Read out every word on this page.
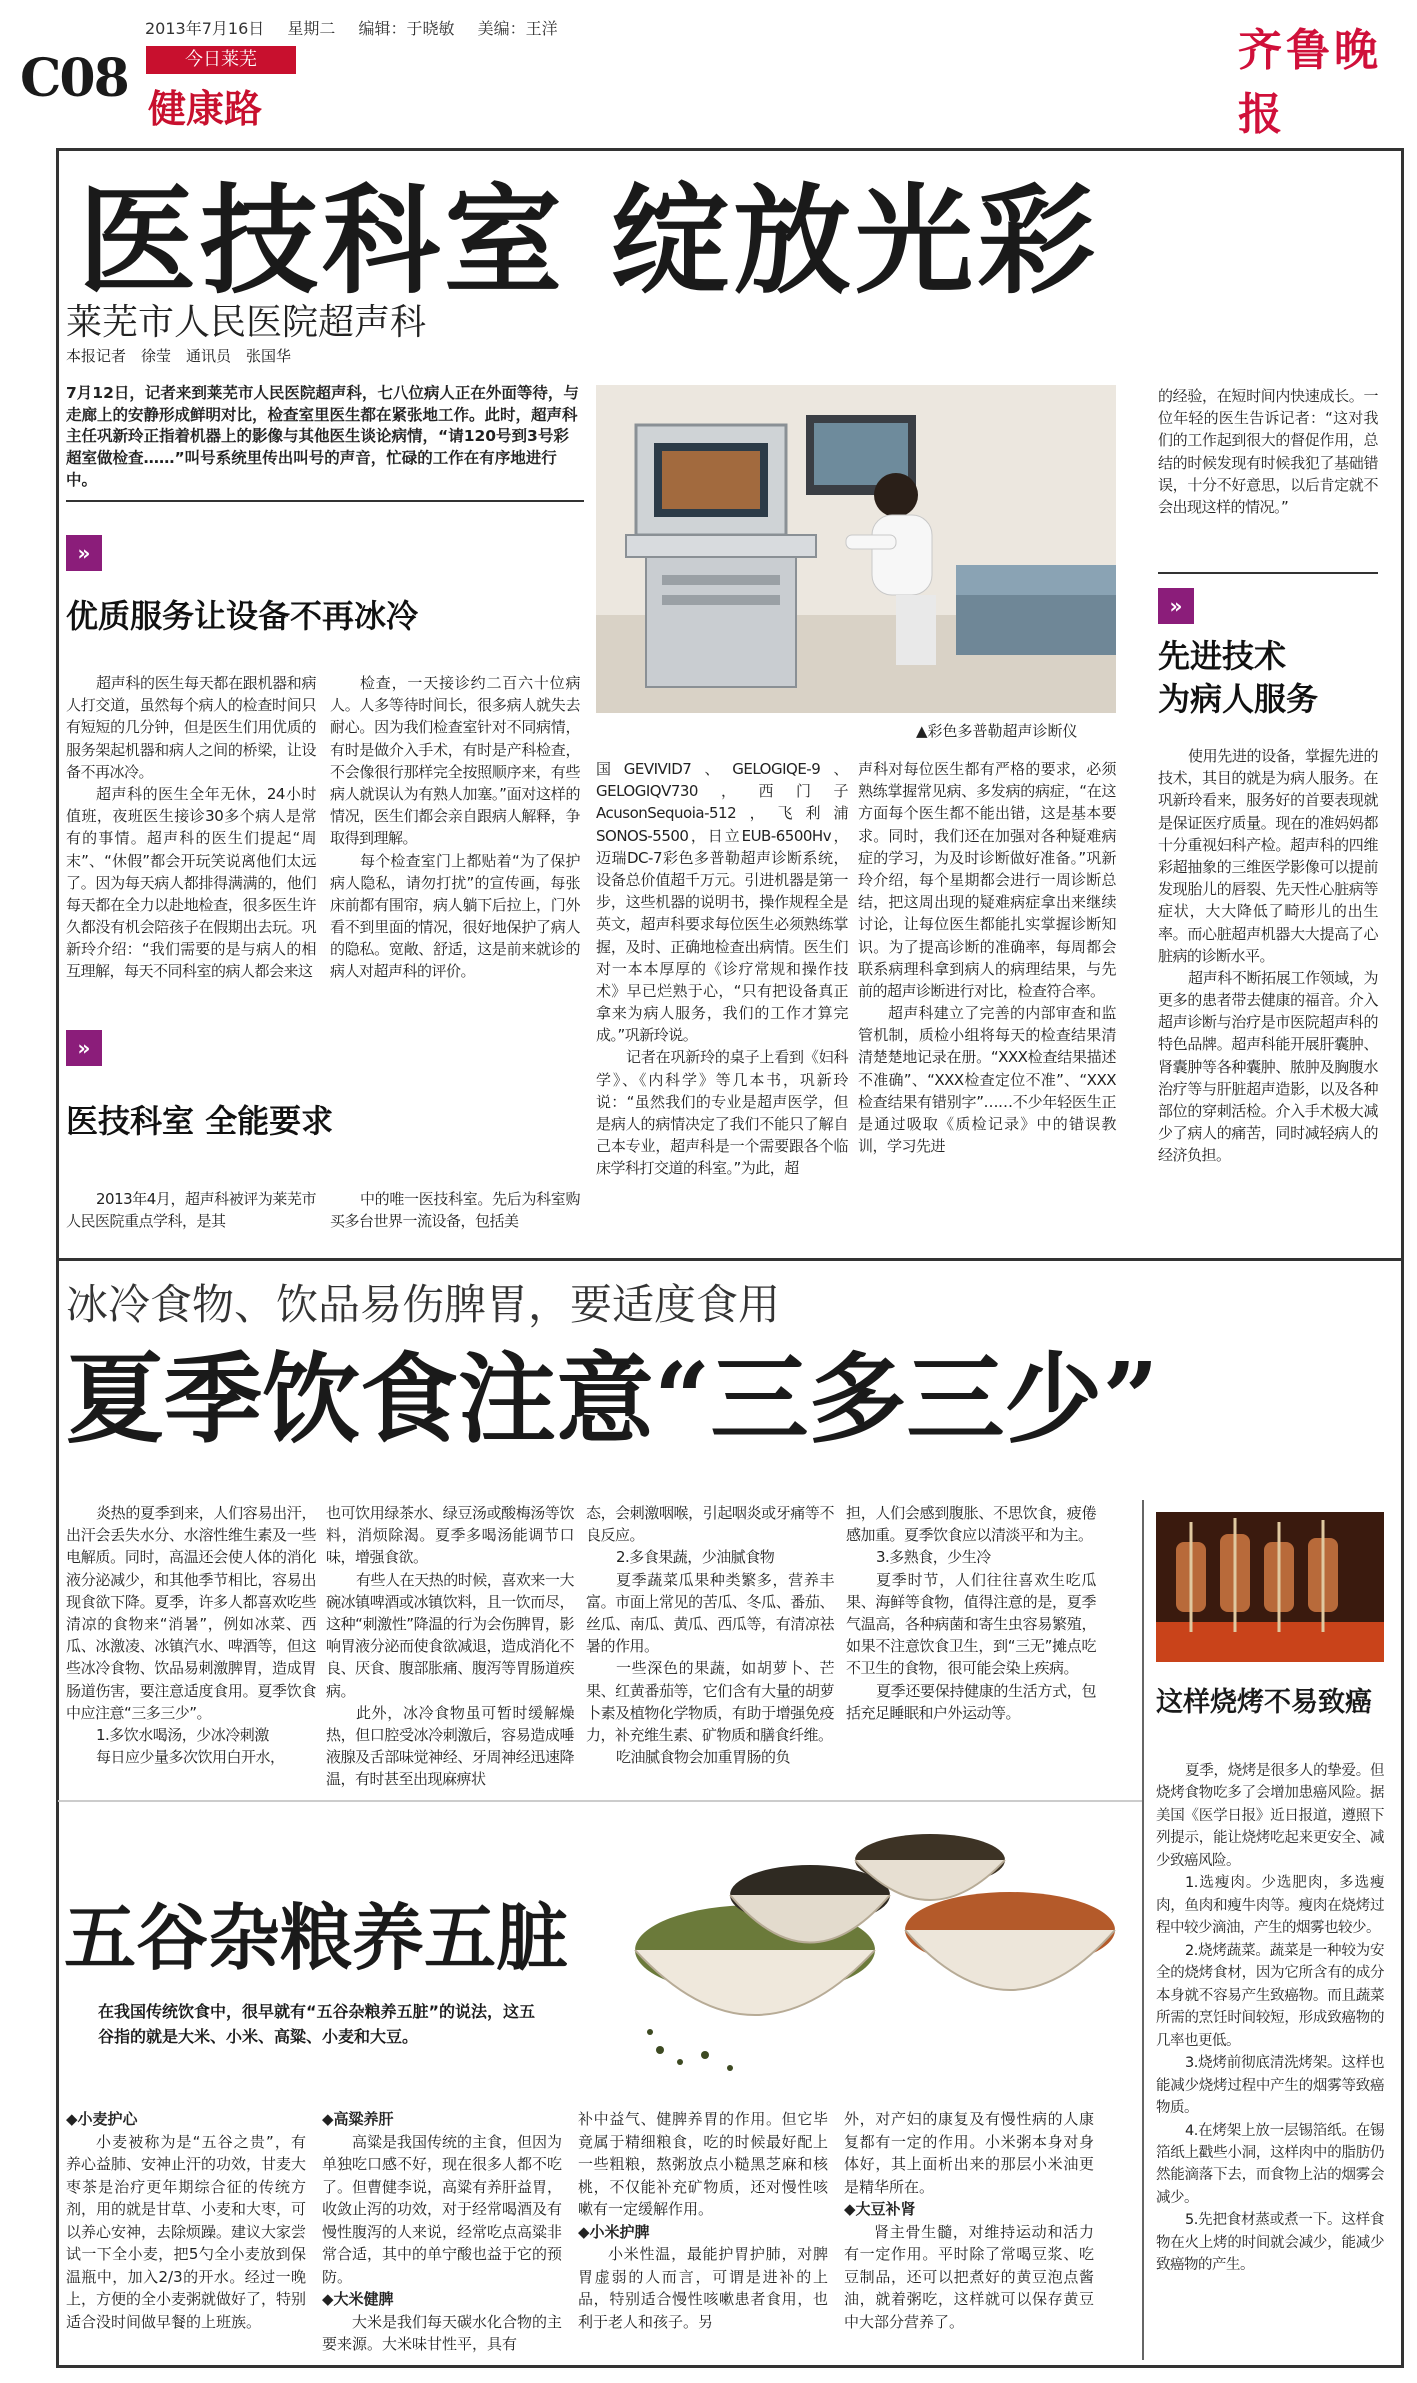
C08
2013年7月16日 星期二 编辑：于晓敏 美编：王洋
今日莱芜
健康路
齐鲁晚报
医技科室 绽放光彩
莱芜市人民医院超声科
本报记者　徐莹　通讯员　张国华
7月12日，记者来到莱芜市人民医院超声科，七八位病人正在外面等待，与走廊上的安静形成鲜明对比，检查室里医生都在紧张地工作。此时，超声科主任巩新玲正指着机器上的影像与其他医生谈论病情，“请120号到3号彩超室做检查……”叫号系统里传出叫号的声音，忙碌的工作在有序地进行中。
»
优质服务让设备不再冰冷

超声科的医生每天都在跟机器和病人打交道，虽然每个病人的检查时间只有短短的几分钟，但是医生们用优质的服务架起机器和病人之间的桥梁，让设备不再冰冷。

超声科的医生全年无休，24小时值班，夜班医生接诊30多个病人是常有的事情。超声科的医生们提起“周末”、“休假”都会开玩笑说离他们太远了。因为每天病人都排得满满的，他们每天都在全力以赴地检查，很多医生许久都没有机会陪孩子在假期出去玩。巩新玲介绍：“我们需要的是与病人的相互理解，每天不同科室的病人都会来这

检查，一天接诊约二百六十位病人。人多等待时间长，很多病人就失去耐心。因为我们检查室针对不同病情，有时是做介入手术，有时是产科检查，不会像很行那样完全按照顺序来，有些病人就误认为有熟人加塞。”面对这样的情况，医生们都会亲自跟病人解释，争取得到理解。

每个检查室门上都贴着“为了保护病人隐私，请勿打扰”的宣传画，每张床前都有围帘，病人躺下后拉上，门外看不到里面的情况，很好地保护了病人的隐私。宽敞、舒适，这是前来就诊的病人对超声科的评价。

»
医技科室 全能要求

2013年4月，超声科被评为莱芜市人民医院重点学科，是其

中的唯一医技科室。先后为科室购买多台世界一流设备，包括美

▲彩色多普勒超声诊断仪

国GEVIVID7、GELOGIQE-9、GELOGIQV730，西门子AcusonSequoia-512，飞利浦SONOS-5500，日立EUB-6500Hv，迈瑞DC-7彩色多普勒超声诊断系统，设备总价值超千万元。引进机器是第一步，这些机器的说明书，操作规程全是英文，超声科要求每位医生必须熟练掌握，及时、正确地检查出病情。医生们对一本本厚厚的《诊疗常规和操作技术》早已烂熟于心，“只有把设备真正拿来为病人服务，我们的工作才算完成。”巩新玲说。

记者在巩新玲的桌子上看到《妇科学》、《内科学》等几本书，巩新玲说：“虽然我们的专业是超声医学，但是病人的病情决定了我们不能只了解自己本专业，超声科是一个需要跟各个临床学科打交道的科室。”为此，超

声科对每位医生都有严格的要求，必须熟练掌握常见病、多发病的病症，“在这方面每个医生都不能出错，这是基本要求。同时，我们还在加强对各种疑难病症的学习，为及时诊断做好准备。”巩新玲介绍，每个星期都会进行一周诊断总结，把这周出现的疑难病症拿出来继续讨论，让每位医生都能扎实掌握诊断知识。为了提高诊断的准确率，每周都会联系病理科拿到病人的病理结果，与先前的超声诊断进行对比，检查符合率。

超声科建立了完善的内部审查和监管机制，质检小组将每天的检查结果清清楚楚地记录在册。“XXX检查结果描述不准确”、“XXX检查定位不准”、“XXX检查结果有错别字”……不少年轻医生正是通过吸取《质检记录》中的错误教训，学习先进

的经验，在短时间内快速成长。一位年轻的医生告诉记者：“这对我们的工作起到很大的督促作用，总结的时候发现有时候我犯了基础错误，十分不好意思，以后肯定就不会出现这样的情况。”

»
先进技术
为病人服务

使用先进的设备，掌握先进的技术，其目的就是为病人服务。在巩新玲看来，服务好的首要表现就是保证医疗质量。现在的准妈妈都十分重视妇科产检。超声科的四维彩超抽象的三维医学影像可以提前发现胎儿的唇裂、先天性心脏病等症状，大大降低了畸形儿的出生率。而心脏超声机器大大提高了心脏病的诊断水平。

超声科不断拓展工作领域，为更多的患者带去健康的福音。介入超声诊断与治疗是市医院超声科的特色品牌。超声科能开展肝囊肿、肾囊肿等各种囊肿、脓肿及胸腹水治疗等与肝脏超声造影，以及各种部位的穿刺活检。介入手术极大减少了病人的痛苦，同时减轻病人的经济负担。

冰冷食物、饮品易伤脾胃，要适度食用
夏季饮食注意“三多三少”

炎热的夏季到来，人们容易出汗，出汗会丢失水分、水溶性维生素及一些电解质。同时，高温还会使人体的消化液分泌减少，和其他季节相比，容易出现食欲下降。夏季，许多人都喜欢吃些清凉的食物来“消暑”，例如冰菜、西瓜、冰激凌、冰镇汽水、啤酒等，但这些冰冷食物、饮品易刺激脾胃，造成胃肠道伤害，要注意适度食用。夏季饮食中应注意“三多三少”。

1.多饮水喝汤，少冰冷刺激

每日应少量多次饮用白开水，

也可饮用绿茶水、绿豆汤或酸梅汤等饮料，消烦除渴。夏季多喝汤能调节口味，增强食欲。

有些人在天热的时候，喜欢来一大碗冰镇啤酒或冰镇饮料，且一饮而尽，这种“刺激性”降温的行为会伤脾胃，影响胃液分泌而使食欲减退，造成消化不良、厌食、腹部胀痛、腹泻等胃肠道疾病。

此外，冰冷食物虽可暂时缓解燥热，但口腔受冰冷刺激后，容易造成唾液腺及舌部味觉神经、牙周神经迅速降温，有时甚至出现麻痹状

态，会刺激咽喉，引起咽炎或牙痛等不良反应。

2.多食果蔬，少油腻食物

夏季蔬菜瓜果种类繁多，营养丰富。市面上常见的苦瓜、冬瓜、番茄、丝瓜、南瓜、黄瓜、西瓜等，有清凉祛暑的作用。

一些深色的果蔬，如胡萝卜、芒果、红黄番茄等，它们含有大量的胡萝卜素及植物化学物质，有助于增强免疫力，补充维生素、矿物质和膳食纤维。

吃油腻食物会加重胃肠的负

担，人们会感到腹胀、不思饮食，疲倦感加重。夏季饮食应以清淡平和为主。

3.多熟食，少生冷

夏季时节，人们往往喜欢生吃瓜果、海鲜等食物，值得注意的是，夏季气温高，各种病菌和寄生虫容易繁殖，如果不注意饮食卫生，到“三无”摊点吃不卫生的食物，很可能会染上疾病。

夏季还要保持健康的生活方式，包括充足睡眠和户外运动等。	这样烧烤不易致癌

夏季，烧烤是很多人的挚爱。但烧烤食物吃多了会增加患癌风险。据美国《医学日报》近日报道，遵照下列提示，能让烧烤吃起来更安全、减少致癌风险。

1.选瘦肉。少选肥肉，多选瘦肉，鱼肉和瘦牛肉等。瘦肉在烧烤过程中较少滴油，产生的烟雾也较少。

2.烧烤蔬菜。蔬菜是一种较为安全的烧烤食材，因为它所含有的成分本身就不容易产生致癌物。而且蔬菜所需的烹饪时间较短，形成致癌物的几率也更低。

3.烧烤前彻底清洗烤架。这样也能减少烧烤过程中产生的烟雾等致癌物质。

4.在烤架上放一层锡箔纸。在锡箔纸上戳些小洞，这样肉中的脂肪仍然能滴落下去，而食物上沾的烟雾会减少。

5.先把食材蒸或煮一下。这样食物在火上烤的时间就会减少，能减少致癌物的产生。

五谷杂粮养五脏
在我国传统饮食中，很早就有“五谷杂粮养五脏”的说法，这五谷指的就是大米、小米、高粱、小麦和大豆。
◆小麦护心

小麦被称为是“五谷之贵”，有养心益肺、安神止汗的功效，甘麦大枣茶是治疗更年期综合征的传统方剂，用的就是甘草、小麦和大枣，可以养心安神，去除烦躁。建议大家尝试一下全小麦，把5勺全小麦放到保温瓶中，加入2/3的开水。经过一晚上，方便的全小麦粥就做好了，特别适合没时间做早餐的上班族。

◆高粱养肝

高粱是我国传统的主食，但因为单独吃口感不好，现在很多人都不吃了。但曹健李说，高粱有养肝益胃，收敛止泻的功效，对于经常喝酒及有慢性腹泻的人来说，经常吃点高粱非常合适，其中的单宁酸也益于它的预防。

◆大米健脾

大米是我们每天碳水化合物的主要来源。大米味甘性平，具有

补中益气、健脾养胃的作用。但它毕竟属于精细粮食，吃的时候最好配上一些粗粮，熬粥放点小糙黑芝麻和核桃，不仅能补充矿物质，还对慢性咳嗽有一定缓解作用。

◆小米护脾

小米性温，最能护胃护肺，对脾胃虚弱的人而言，可谓是进补的上品，特别适合慢性咳嗽患者食用，也利于老人和孩子。另

外，对产妇的康复及有慢性病的人康复都有一定的作用。小米粥本身对身体好，其上面析出来的那层小米油更是精华所在。

◆大豆补肾

肾主骨生髓，对维持运动和活力有一定作用。平时除了常喝豆浆、吃豆制品，还可以把煮好的黄豆泡点酱油，就着粥吃，这样就可以保存黄豆中大部分营养了。
